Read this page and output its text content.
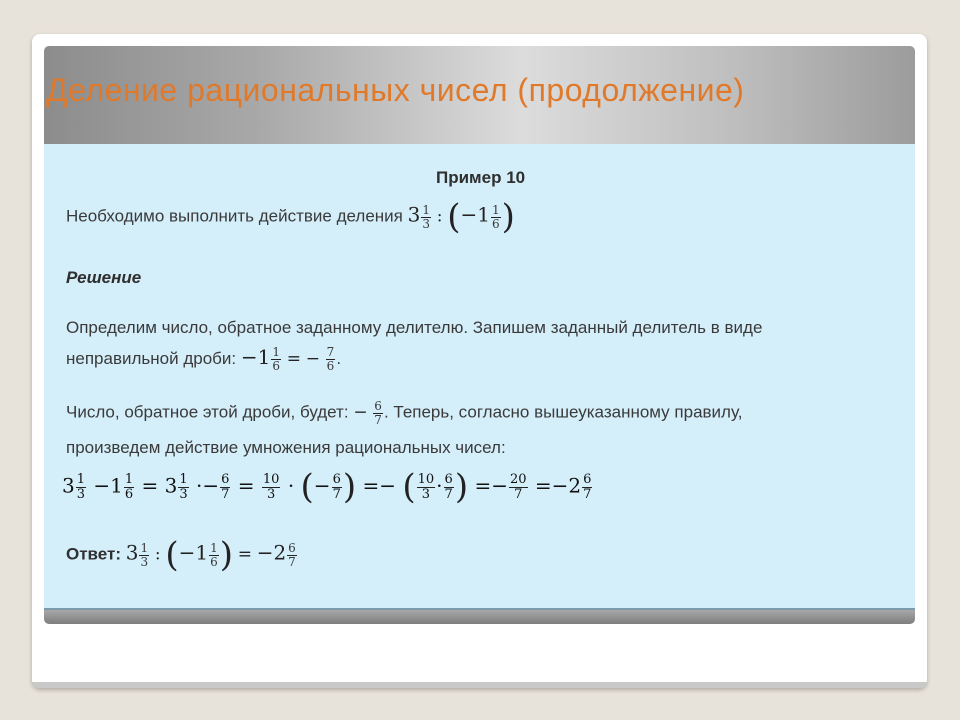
Деление рациональных чисел (продолжение)
Пример 10
Необходимо выполнить действие деления $3 \frac{1}{3}$ : ($-1 \frac{1}{6}$ )
Решение
Определим число, обратное заданному делителю. Запишем заданный делитель в виде
неправильной дроби: $-1 \frac{1}{6}$ = − $\frac{7}{6}$ .
Число, обратное этой дроби, будет: − $\frac{6}{7}$ . Теперь, согласно вышеуказанному правилу,
произведем действие умножения рациональных чисел:
$3 \frac{1}{3} -1 \frac{1}{6} = 3 \frac{1}{3} \cdot- \frac{6}{7} = \frac{10}{3}$ · (− $\frac{6}{7}$ ) =− ( $\frac{10}{3} \cdot \frac{6}{7}$ ) =− $\frac{20}{7} =-2 \frac{6}{7}$
Ответ: $3 \frac{1}{3}$ : ($-1 \frac{1}{6}$ ) = $-2 \frac{6}{7}$
